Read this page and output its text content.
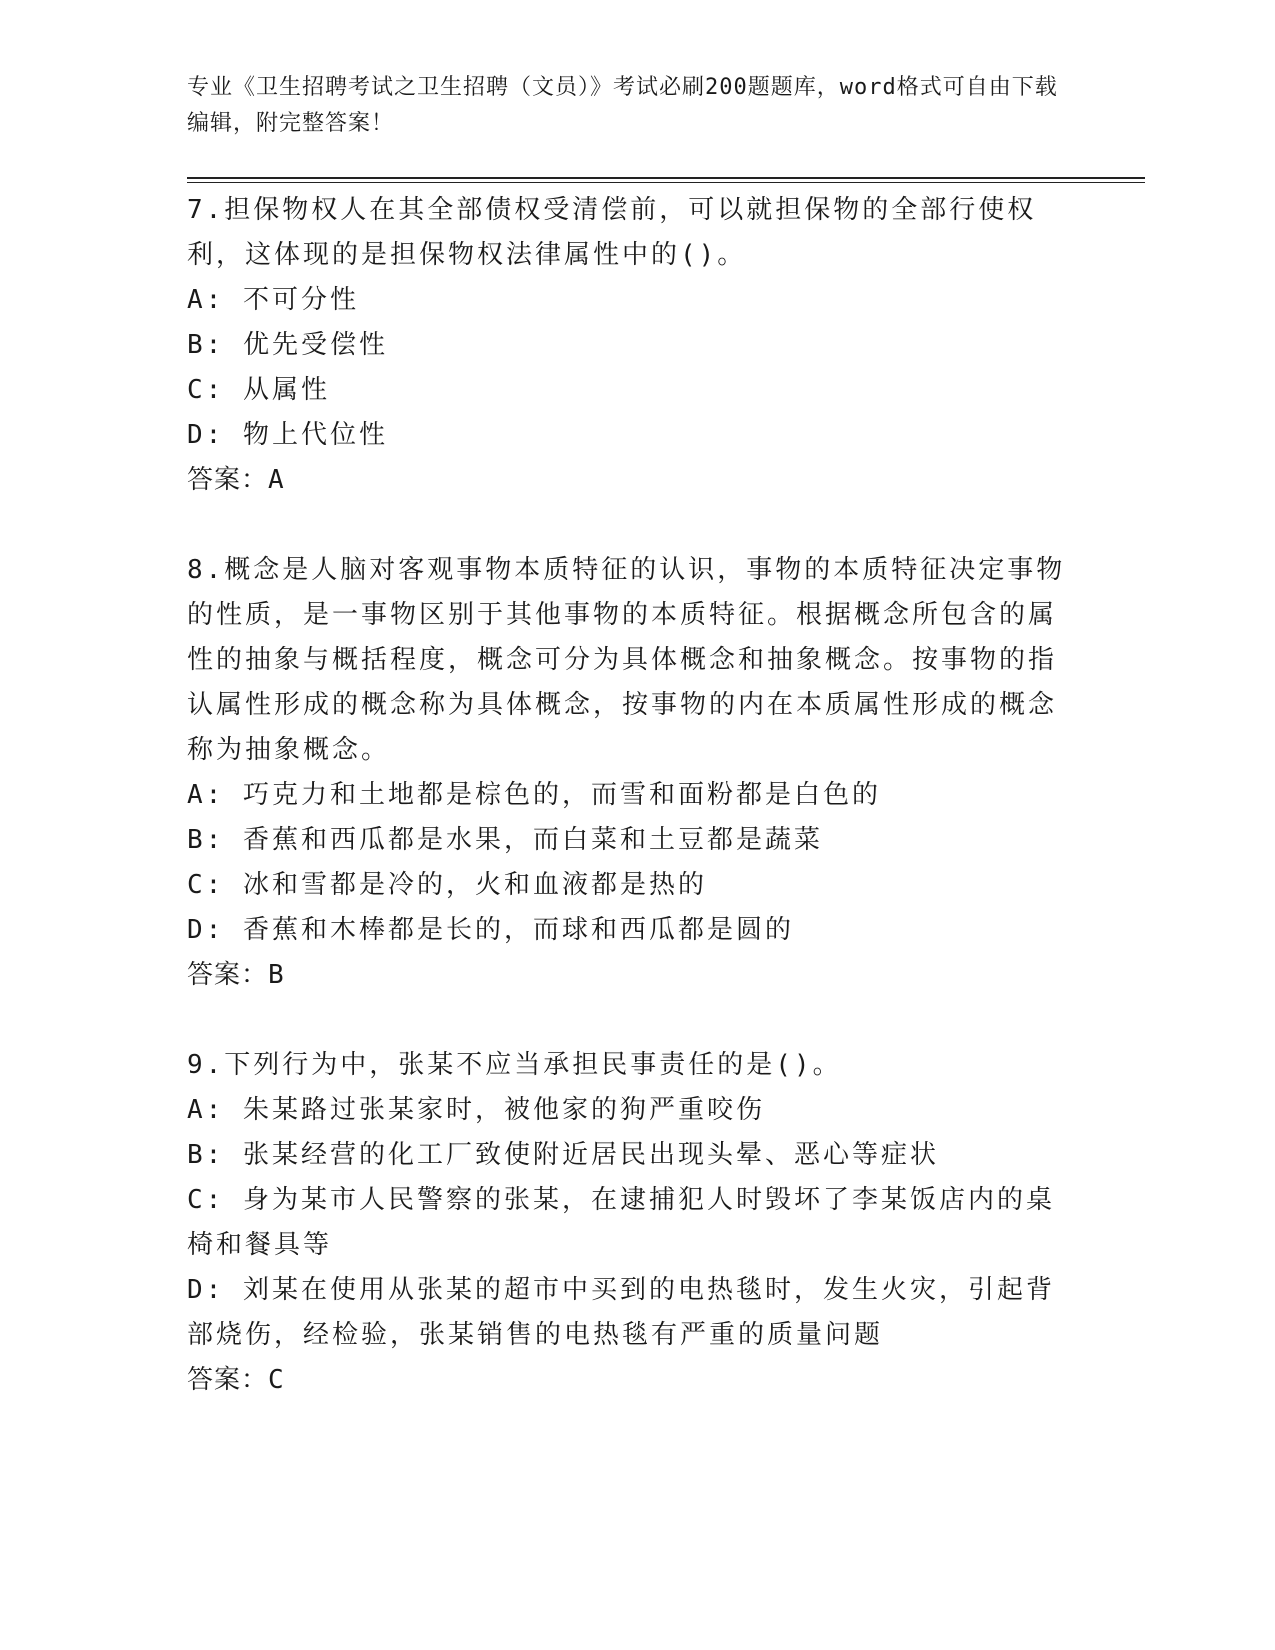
专业《卫生招聘考试之卫生招聘（文员）》考试必刷200题题库，word格式可自由下载编辑，附完整答案！

7.担保物权人在其全部债权受清偿前，可以就担保物的全部行使权利，这体现的是担保物权法律属性中的()。

A: 不可分性

B: 优先受偿性

C: 从属性

D: 物上代位性

答案：A

8.概念是人脑对客观事物本质特征的认识，事物的本质特征决定事物的性质，是一事物区别于其他事物的本质特征。根据概念所包含的属性的抽象与概括程度，概念可分为具体概念和抽象概念。按事物的指认属性形成的概念称为具体概念，按事物的内在本质属性形成的概念称为抽象概念。

A: 巧克力和土地都是棕色的，而雪和面粉都是白色的

B: 香蕉和西瓜都是水果，而白菜和土豆都是蔬菜

C: 冰和雪都是冷的，火和血液都是热的

D: 香蕉和木棒都是长的，而球和西瓜都是圆的

答案：B

9.下列行为中，张某不应当承担民事责任的是()。

A: 朱某路过张某家时，被他家的狗严重咬伤

B: 张某经营的化工厂致使附近居民出现头晕、恶心等症状

C: 身为某市人民警察的张某，在逮捕犯人时毁坏了李某饭店内的桌椅和餐具等

D: 刘某在使用从张某的超市中买到的电热毯时，发生火灾，引起背部烧伤，经检验，张某销售的电热毯有严重的质量问题

答案：C
